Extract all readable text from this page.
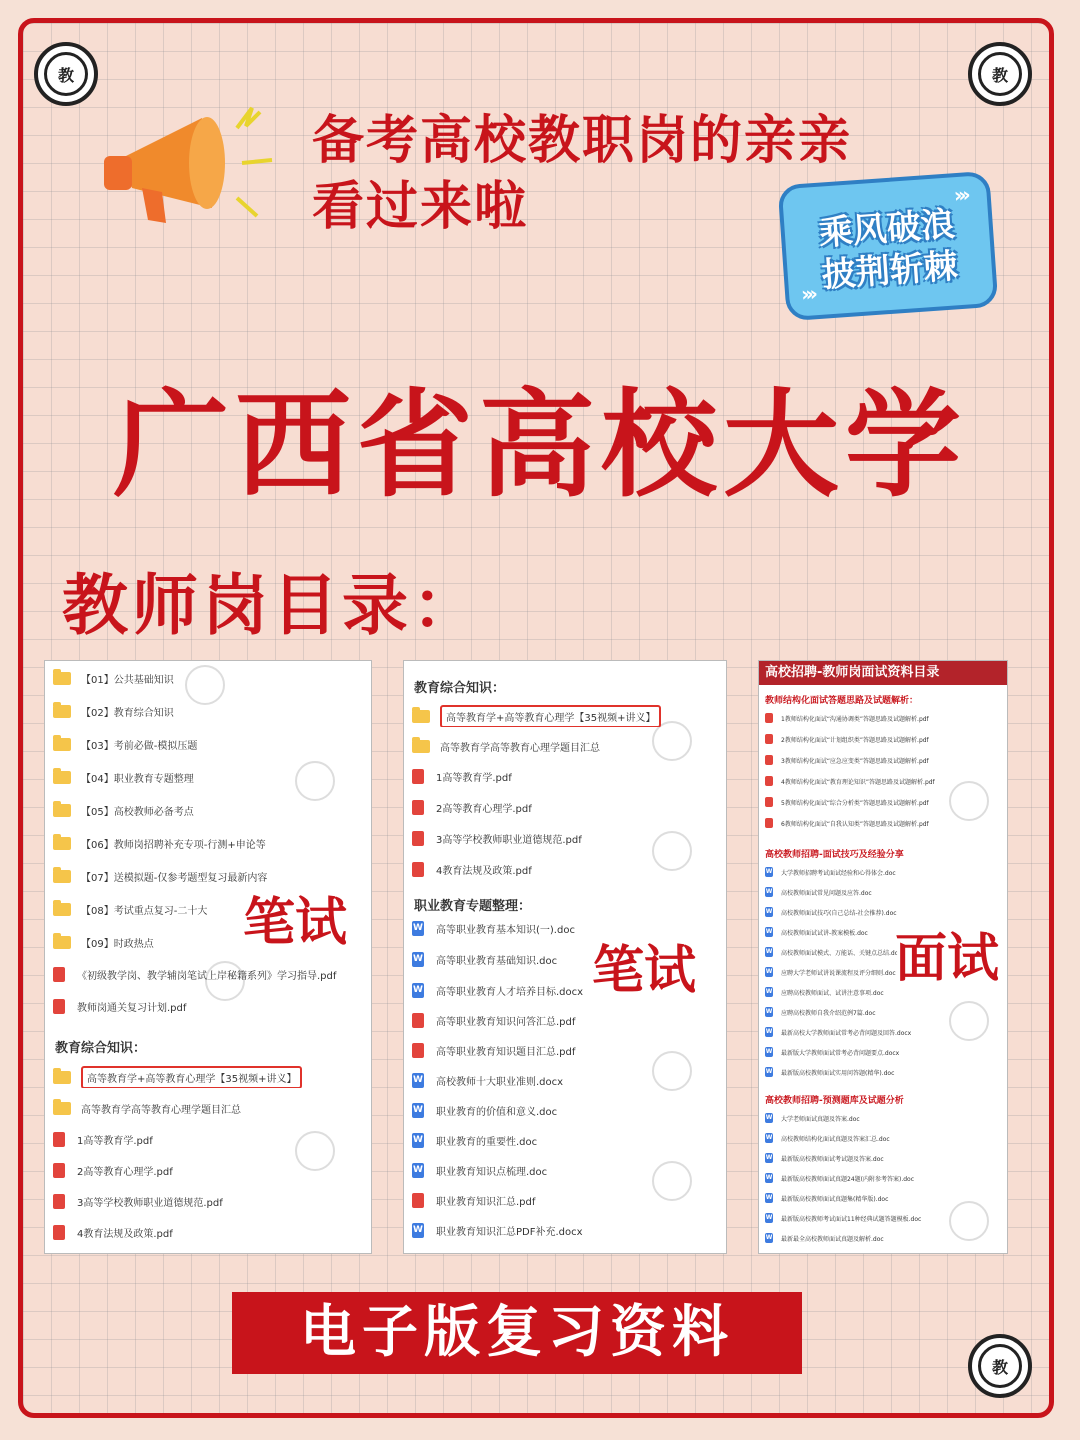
教	教
教
备考高校教职岗的亲亲
看过来啦	›››
›››
乘风破浪
披荆斩棘
广西省高校大学
教师岗目录：
【01】公共基础知识
【02】教育综合知识
【03】考前必做-模拟压题
【04】职业教育专题整理
【05】高校教师必备考点
【06】教师岗招聘补充专项-行测+申论等
【07】送模拟题-仅参考题型复习最新内容
【08】考试重点复习-二十大
【09】时政热点
《初级教学岗、教学辅岗笔试上岸秘籍系列》学习指导.pdf
教师岗通关复习计划.pdf
教育综合知识：
高等教育学+高等教育心理学【35视频+讲义】
高等教育学高等教育心理学题目汇总
1高等教育学.pdf
2高等教育心理学.pdf
3高等学校教师职业道德规范.pdf
4教育法规及政策.pdf
笔试
教育综合知识：
高等教育学+高等教育心理学【35视频+讲义】
高等教育学高等教育心理学题目汇总
1高等教育学.pdf
2高等教育心理学.pdf
3高等学校教师职业道德规范.pdf
4教育法规及政策.pdf
职业教育专题整理：
W 高等职业教育基本知识(一).doc
W 高等职业教育基础知识.doc
W 高等职业教育人才培养目标.docx
高等职业教育知识问答汇总.pdf
高等职业教育知识题目汇总.pdf
W 高校教师十大职业准则.docx
W 职业教育的价值和意义.doc
W 职业教育的重要性.doc
W 职业教育知识点梳理.doc
职业教育知识汇总.pdf
W 职业教育知识汇总PDF补充.docx
笔试
高校招聘-教师岗面试资料目录
教师结构化面试答题思路及试题解析：
1教师结构化面试“沟通协调类”答题思路及试题解析.pdf
2教师结构化面试“计划组织类”答题思路及试题解析.pdf
3教师结构化面试“应急应变类”答题思路及试题解析.pdf
4教师结构化面试“教育理论知识”答题思路及试题解析.pdf
5教师结构化面试“综合分析类”答题思路及试题解析.pdf
6教师结构化面试“自我认知类”答题思路及试题解析.pdf
高校教师招聘-面试技巧及经验分享
W 大学教师招聘考试面试经验和心得体会.doc
W 高校教师面试常见问题及应答.doc
W 高校教师面试技巧(自己总结-社会推荐).doc
W 高校教师面试试讲-教案模板.doc
W 高校教师面试模式、万能话、关键点总结.doc
W 应聘大学老师试讲说课流程及评分细则.doc
W 应聘高校教师面试、试讲注意事项.doc
W 应聘高校教师自我介绍范例7篇.doc
W 最新高校大学教师面试常考必背问题及回答.docx
W 最新版大学教师面试常考必背问题要点.docx
W 最新版高校教师面试实用问答题(精华).doc
高校教师招聘-预测题库及试题分析
W 大学老师面试真题及答案.doc
W 高校教师结构化面试真题及答案汇总.doc
W 最新版高校教师面试考试题及答案.doc
W 最新版高校教师面试真题24题(内附参考答案).doc
W 最新版高校教师面试真题集(精华版).doc
W 最新版高校教师考试面试11种经典试题答题模板.doc
W 最新最全高校教师面试真题及解析.doc
面试
电子版复习资料
